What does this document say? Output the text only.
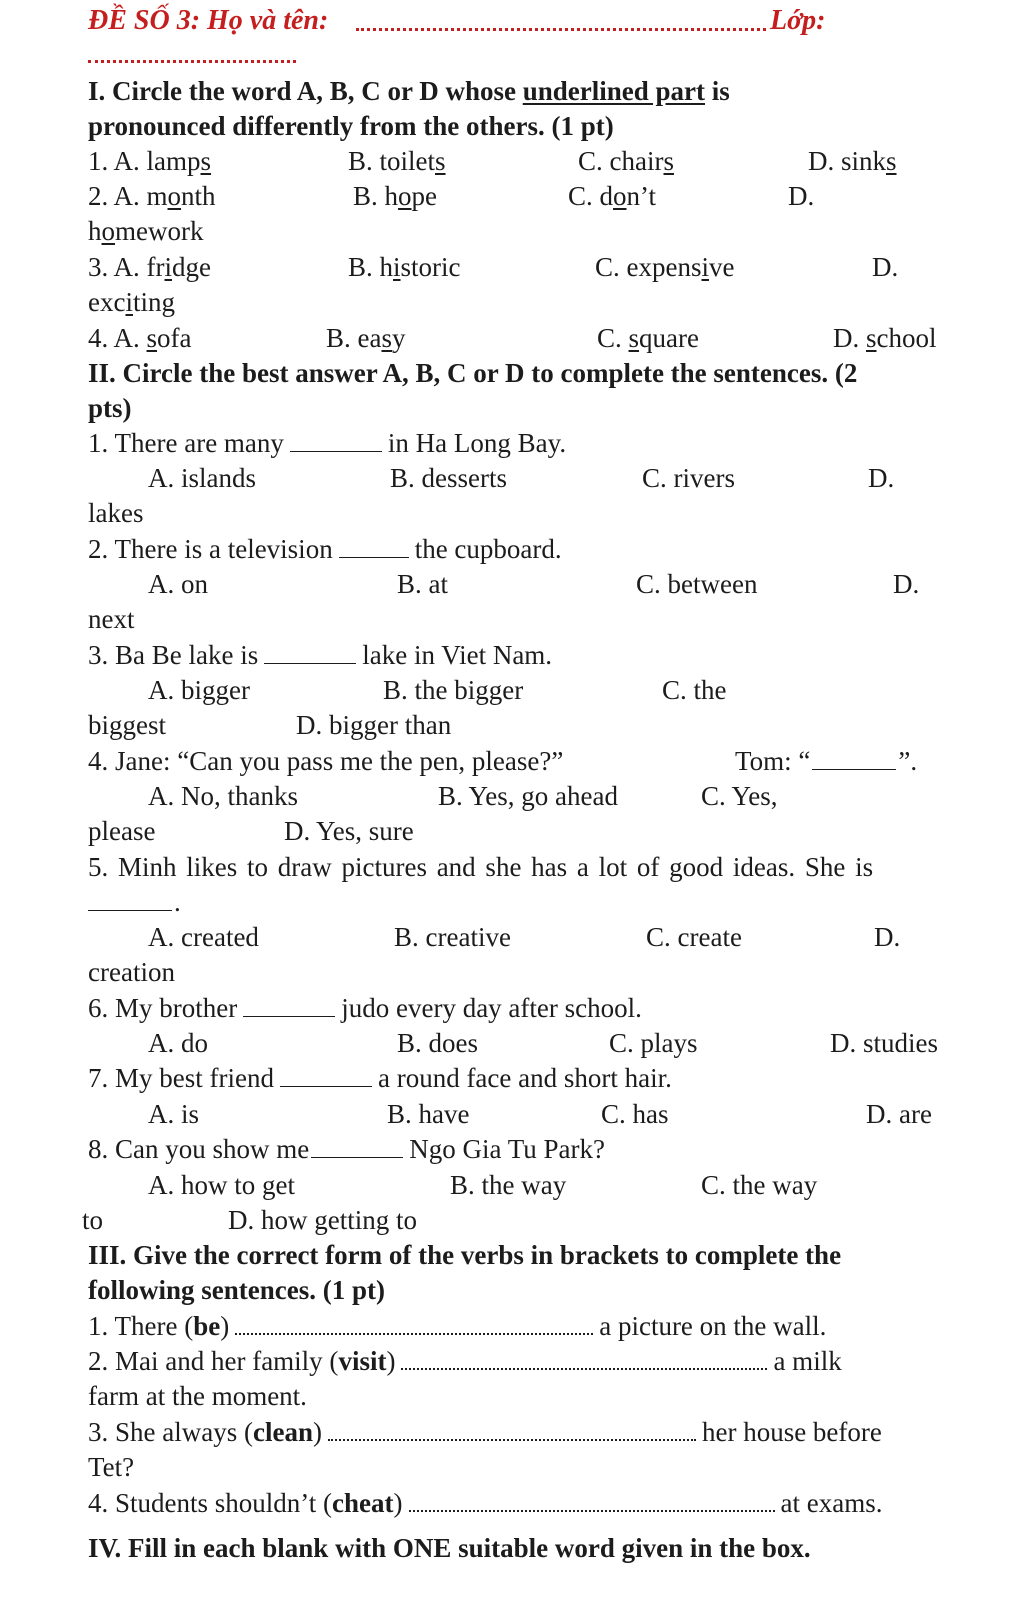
ĐỀ SỐ 3: Họ và tên:	Lớp:
I. Circle the word A, B, C or D whose underlined part is
pronounced differently from the others. (1 pt)
1. A. lamps	B. toilets	C. chairs	D. sinks
2. A. month	B. hope	C. don’t	D.
homework
3. A. fridge	B. historic	C. expensive	D.
exciting
4. A. sofa	B. easy	C. square	D. school
II. Circle the best answer A, B, C or D to complete the sentences. (2
pts)
1. There are many	in Ha Long Bay.
A. islands	B. desserts	C. rivers	D.
lakes
2. There is a television	the cupboard.
A. on	B. at	C. between	D.
next
3. Ba Be lake is	lake in Viet Nam.
A. bigger	B. the bigger	C. the
biggest	D. bigger than
4. Jane: “Can you pass me the pen, please?”	Tom: “	”.
A. No, thanks	B. Yes, go ahead	C. Yes,
please	D. Yes, sure
5. Minh likes to draw pictures and she has a lot of good ideas. She is
.
A. created	B. creative	C. create	D.
creation
6. My brother	judo every day after school.
A. do	B. does	C. plays	D. studies
7. My best friend	a round face and short hair.
A. is	B. have	C. has	D. are
8. Can you show me	Ngo Gia Tu Park?
A. how to get	B. the way	C. the way
to	D. how getting to
III. Give the correct form of the verbs in brackets to complete the
following sentences. (1 pt)
1. There (be)	a picture on the wall.
2. Mai and her family (visit)	a milk
farm at the moment.
3. She always (clean)	her house before
Tet?
4. Students shouldn’t (cheat)	at exams.
IV. Fill in each blank with ONE suitable word given in the box.
